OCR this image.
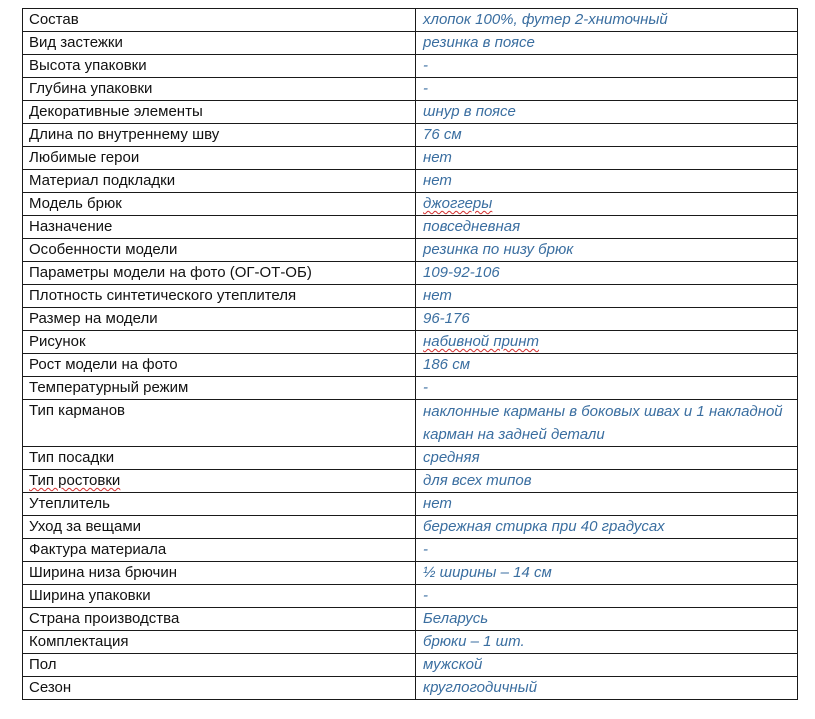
Состав	хлопок 100%, футер 2-хниточный
Вид застежки	резинка в поясе
Высота упаковки	-
Глубина упаковки	-
Декоративные элементы	шнур в поясе
Длина по внутреннему шву	76 см
Любимые герои	нет
Материал подкладки	нет
Модель брюк	джоггеры
Назначение	повседневная
Особенности модели	резинка по низу брюк
Параметры модели на фото (ОГ-ОТ-ОБ)	109-92-106
Плотность синтетического утеплителя	нет
Размер на модели	96-176
Рисунок	набивной принт
Рост модели на фото	186 см
Температурный режим	-
Тип карманов	наклонные карманы в боковых швах и 1 накладной карман на задней детали
Тип посадки	средняя
Тип ростовки	для всех типов
Утеплитель	нет
Уход за вещами	бережная стирка при 40 градусах
Фактура материала	-
Ширина низа брючин	½ ширины – 14 см
Ширина упаковки	-
Страна производства	Беларусь
Комплектация	брюки – 1 шт.
Пол	мужской
Сезон	круглогодичный
